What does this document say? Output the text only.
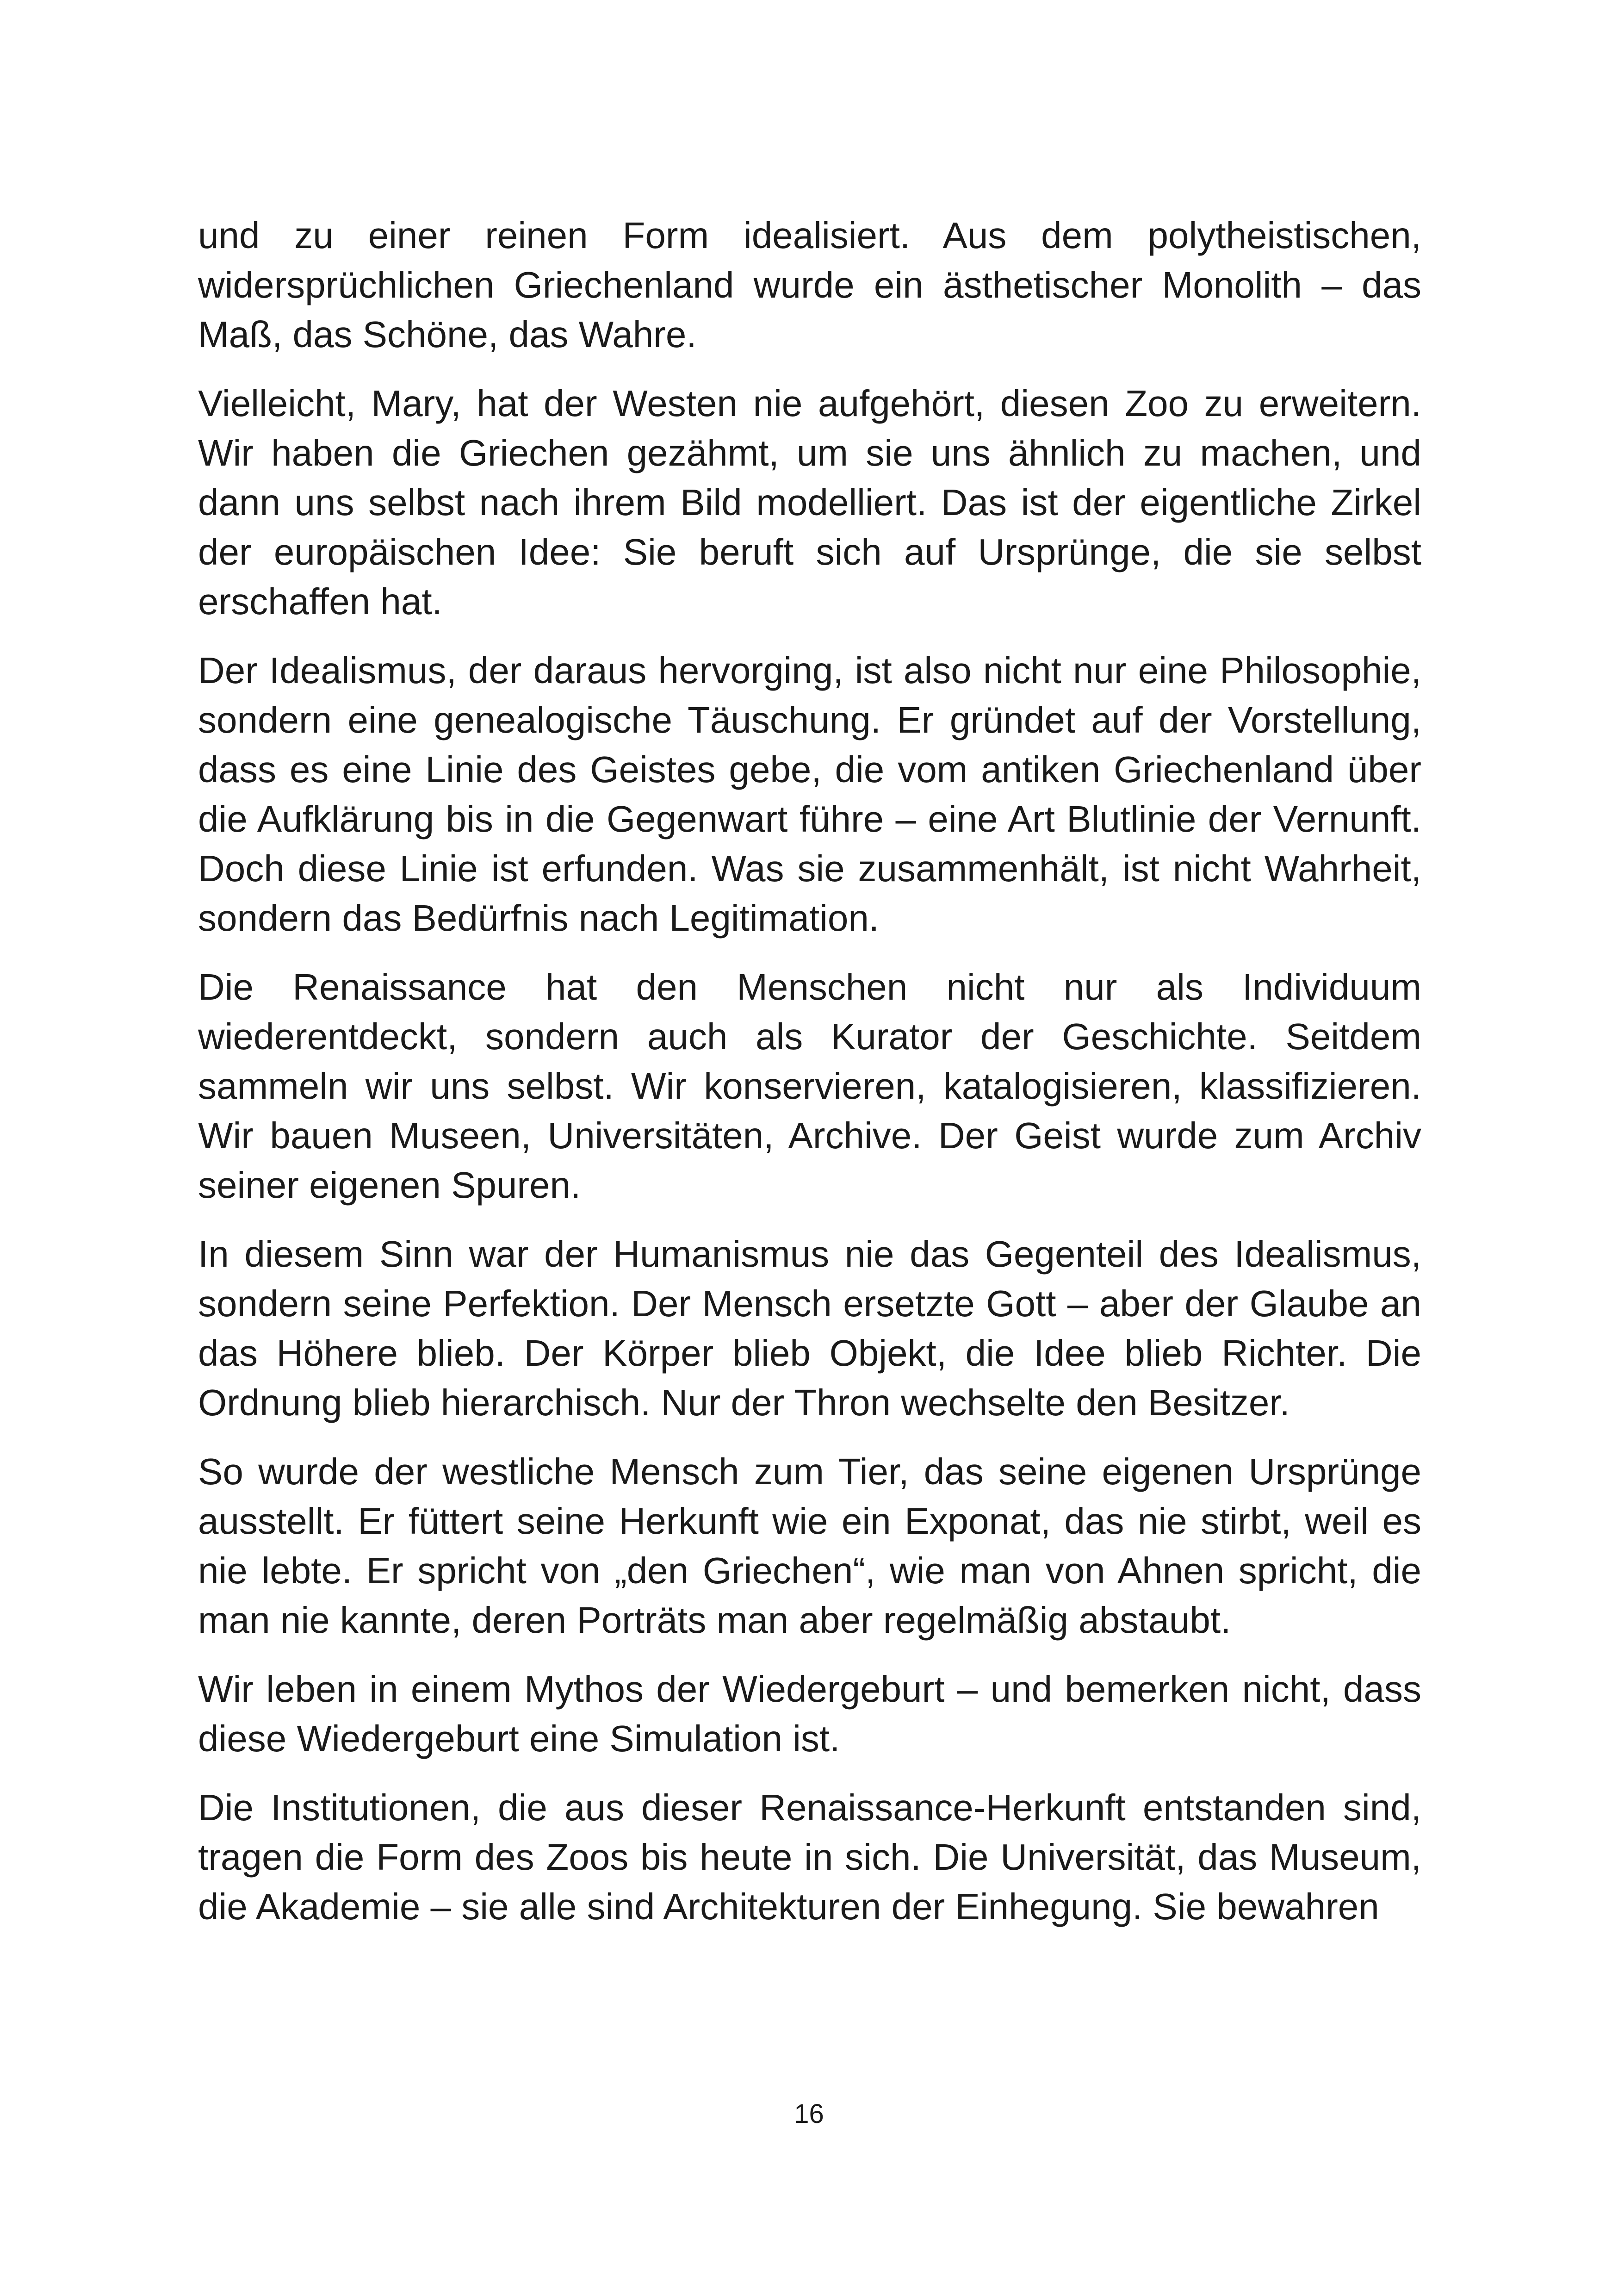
und zu einer reinen Form idealisiert. Aus dem polytheistischen, widersprüchlichen Griechenland wurde ein ästhetischer Monolith – das Maß, das Schöne, das Wahre.

Vielleicht, Mary, hat der Westen nie aufgehört, diesen Zoo zu erweitern. Wir haben die Griechen gezähmt, um sie uns ähnlich zu machen, und dann uns selbst nach ihrem Bild modelliert. Das ist der eigentliche Zirkel der europäischen Idee: Sie beruft sich auf Ursprünge, die sie selbst erschaffen hat.

Der Idealismus, der daraus hervorging, ist also nicht nur eine Philosophie, sondern eine genealogische Täuschung. Er gründet auf der Vorstellung, dass es eine Linie des Geistes gebe, die vom antiken Griechenland über die Aufklärung bis in die Gegenwart führe – eine Art Blutlinie der Vernunft. Doch diese Linie ist erfunden. Was sie zusammenhält, ist nicht Wahrheit, sondern das Bedürfnis nach Legitimation.

Die Renaissance hat den Menschen nicht nur als Individuum wiederentdeckt, sondern auch als Kurator der Geschichte. Seitdem sammeln wir uns selbst. Wir konservieren, katalogisieren, klassifizieren. Wir bauen Museen, Universitäten, Archive. Der Geist wurde zum Archiv seiner eigenen Spuren.

In diesem Sinn war der Humanismus nie das Gegenteil des Idealismus, sondern seine Perfektion. Der Mensch ersetzte Gott – aber der Glaube an das Höhere blieb. Der Körper blieb Objekt, die Idee blieb Richter. Die Ordnung blieb hierarchisch. Nur der Thron wechselte den Besitzer.

So wurde der westliche Mensch zum Tier, das seine eigenen Ursprünge ausstellt. Er füttert seine Herkunft wie ein Exponat, das nie stirbt, weil es nie lebte. Er spricht von „den Griechen“, wie man von Ahnen spricht, die man nie kannte, deren Porträts man aber regelmäßig abstaubt.

Wir leben in einem Mythos der Wiedergeburt – und bemerken nicht, dass diese Wiedergeburt eine Simulation ist.

Die Institutionen, die aus dieser Renaissance-Herkunft entstanden sind, tragen die Form des Zoos bis heute in sich. Die Universität, das Museum, die Akademie – sie alle sind Architekturen der Einhegung. Sie bewahren

16
